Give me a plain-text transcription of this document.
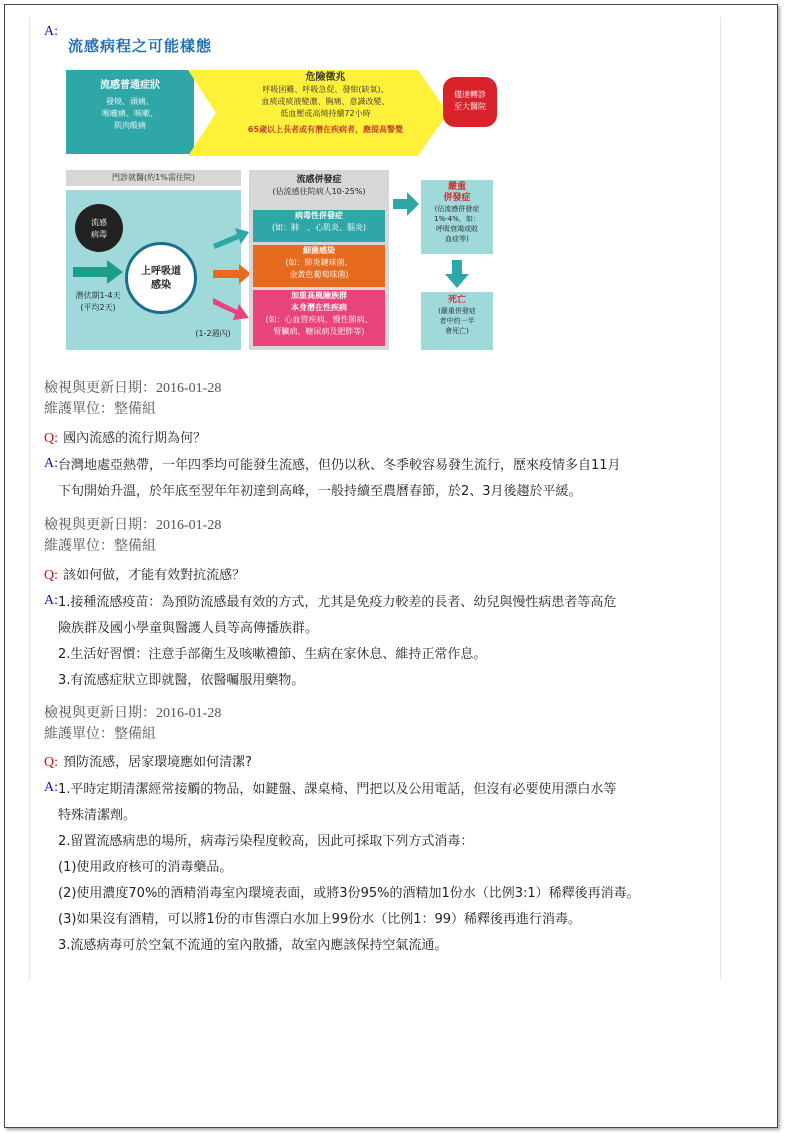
A:
流感病程之可能樣態
流感普通症狀
發燒、頭痛、
喉嚨痛、咳嗽、
肌肉酸痛
危險徵兆
呼吸困難、呼吸急促、發紺(缺氧)、
血痰或痰液變濃、胸痛、意識改變、
低血壓或高燒持續72小時
65歲以上長者或有潛在疾病者，應提高警覺
儘速轉診
至大醫院
門診就醫(約1%需住院)
流感
病毒
潛伏期1-4天
(平均2天)
上呼吸道
感染
(1-2週內)
流感併發症
(佔流感住院病人10-25%)
病毒性併發症
(如：肺　、心肌炎、腦炎)
細菌感染
(如：肺炎鏈球菌、
金黃色葡萄球菌)
加重高風險族群
本身潛在性疾病
(如：心血管疾病、慢性肺病、
腎臟病、糖尿病及肥胖等)
嚴重
併發症
(佔流感併發症
1%-4%，如：
呼吸衰竭或敗
血症等)
死亡
(嚴重併發症
者中約一半
會死亡)
檢視與更新日期：2016-01-28
維護單位：整備組
Q: 國內流感的流行期為何？
A: 台灣地處亞熱帶，一年四季均可能發生流感，但仍以秋、冬季較容易發生流行，歷來疫情多自11月
下旬開始升溫，於年底至翌年年初達到高峰，一般持續至農曆春節，於2、3月後趨於平緩。
檢視與更新日期：2016-01-28
維護單位：整備組
Q: 該如何做，才能有效對抗流感？
A: 1.接種流感疫苗：為預防流感最有效的方式，尤其是免疫力較差的長者、幼兒與慢性病患者等高危
險族群及國小學童與醫護人員等高傳播族群。
2.生活好習慣：注意手部衛生及咳嗽禮節、生病在家休息、維持正常作息。
3.有流感症狀立即就醫，依醫囑服用藥物。
檢視與更新日期：2016-01-28
維護單位：整備組
Q: 預防流感，居家環境應如何清潔?
A: 1.平時定期清潔經常接觸的物品，如鍵盤、課桌椅、門把以及公用電話，但沒有必要使用漂白水等
特殊清潔劑。
2.留置流感病患的場所，病毒污染程度較高，因此可採取下列方式消毒：
(1)使用政府核可的消毒藥品。
(2)使用濃度70%的酒精消毒室內環境表面，或將3份95%的酒精加1份水（比例3:1）稀釋後再消毒。
(3)如果沒有酒精，可以將1份的市售漂白水加上99份水（比例1：99）稀釋後再進行消毒。
3.流感病毒可於空氣不流通的室內散播，故室內應該保持空氣流通。
